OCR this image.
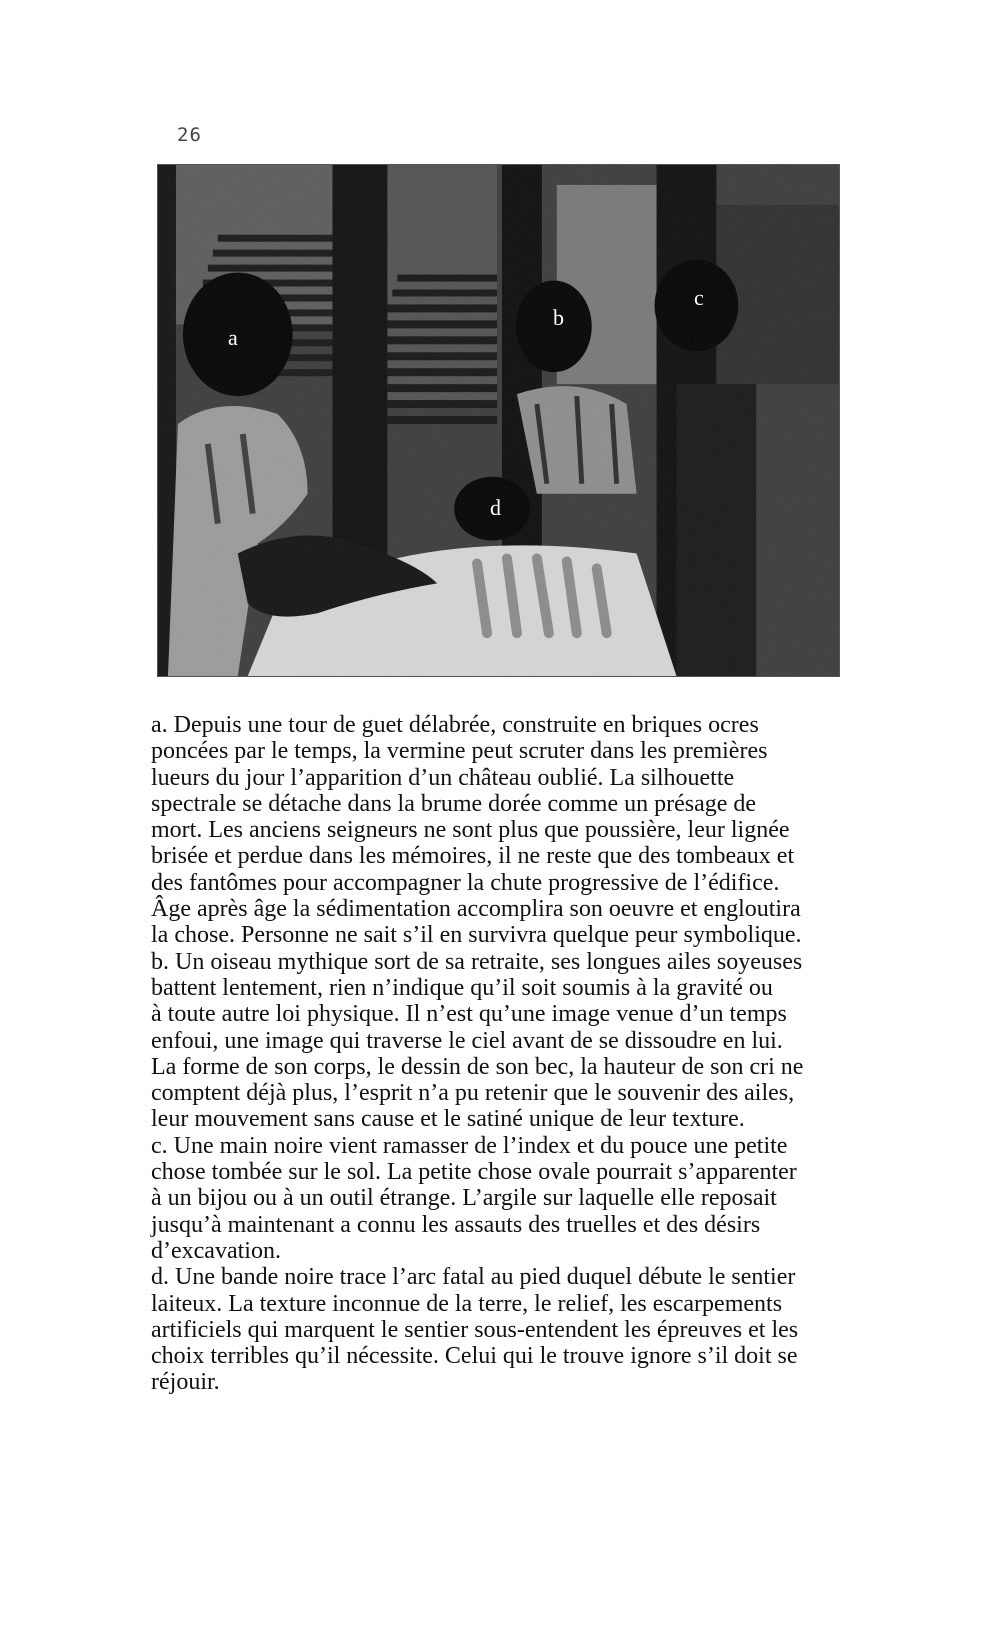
26
a
b
c
d
a. Depuis une tour de guet délabrée, construite en briques ocres
poncées par le temps, la vermine peut scruter dans les premières
lueurs du jour l’apparition d’un château oublié. La silhouette
spectrale se détache dans la brume dorée comme un présage de
mort. Les anciens seigneurs ne sont plus que poussière, leur lignée
brisée et perdue dans les mémoires, il ne reste que des tombeaux et
des fantômes pour accompagner la chute progressive de l’édifice.
Âge après âge la sédimentation accomplira son oeuvre et engloutira
la chose. Personne ne sait s’il en survivra quelque peur symbolique.
b. Un oiseau mythique sort de sa retraite, ses longues ailes soyeuses
battent lentement, rien n’indique qu’il soit soumis à la gravité ou
à toute autre loi physique. Il n’est qu’une image venue d’un temps
enfoui, une image qui traverse le ciel avant de se dissoudre en lui.
La forme de son corps, le dessin de son bec, la hauteur de son cri ne
comptent déjà plus, l’esprit n’a pu retenir que le souvenir des ailes,
leur mouvement sans cause et le satiné unique de leur texture.
c. Une main noire vient ramasser de l’index et du pouce une petite
chose tombée sur le sol. La petite chose ovale pourrait s’apparenter
à un bijou ou à un outil étrange. L’argile sur laquelle elle reposait
jusqu’à maintenant a connu les assauts des truelles et des désirs
d’excavation.
d. Une bande noire trace l’arc fatal au pied duquel débute le sentier
laiteux. La texture inconnue de la terre, le relief, les escarpements
artificiels qui marquent le sentier sous-entendent les épreuves et les
choix terribles qu’il nécessite. Celui qui le trouve ignore s’il doit se
réjouir.
